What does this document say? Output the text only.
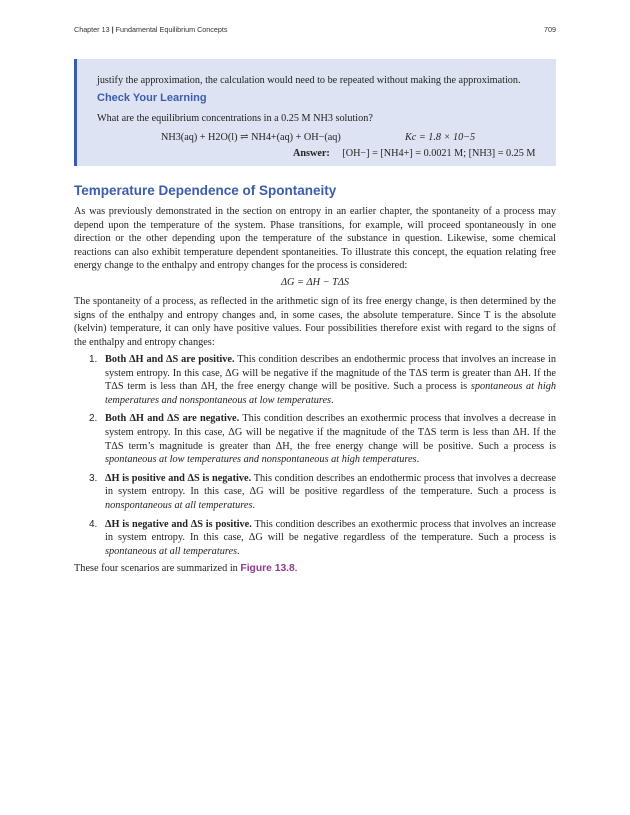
Chapter 13 | Fundamental Equilibrium Concepts	709
justify the approximation, the calculation would need to be repeated without making the approximation.
Check Your Learning
What are the equilibrium concentrations in a 0.25 M NH3 solution?
NH3(aq) + H2O(l) ⇌ NH4+(aq) + OH−(aq)	Kc = 1.8 × 10−5
Answer: [OH−] = [NH4+] = 0.0021 M; [NH3] = 0.25 M
Temperature Dependence of Spontaneity

As was previously demonstrated in the section on entropy in an earlier chapter, the spontaneity of a process may depend upon the temperature of the system. Phase transitions, for example, will proceed spontaneously in one direction or the other depending upon the temperature of the substance in question. Likewise, some chemical reactions can also exhibit temperature dependent spontaneities. To illustrate this concept, the equation relating free energy change to the enthalpy and entropy changes for the process is considered:

ΔG = ΔH − TΔS

The spontaneity of a process, as reflected in the arithmetic sign of its free energy change, is then determined by the signs of the enthalpy and entropy changes and, in some cases, the absolute temperature. Since T is the absolute (kelvin) temperature, it can only have positive values. Four possibilities therefore exist with regard to the signs of the enthalpy and entropy changes:

1. Both ΔH and ΔS are positive. This condition describes an endothermic process that involves an increase in system entropy. In this case, ΔG will be negative if the magnitude of the TΔS term is greater than ΔH. If the TΔS term is less than ΔH, the free energy change will be positive. Such a process is spontaneous at high temperatures and nonspontaneous at low temperatures.
2. Both ΔH and ΔS are negative. This condition describes an exothermic process that involves a decrease in system entropy. In this case, ΔG will be negative if the magnitude of the TΔS term is less than ΔH. If the TΔS term’s magnitude is greater than ΔH, the free energy change will be positive. Such a process is spontaneous at low temperatures and nonspontaneous at high temperatures.
3. ΔH is positive and ΔS is negative. This condition describes an endothermic process that involves a decrease in system entropy. In this case, ΔG will be positive regardless of the temperature. Such a process is nonspontaneous at all temperatures.
4. ΔH is negative and ΔS is positive. This condition describes an exothermic process that involves an increase in system entropy. In this case, ΔG will be negative regardless of the temperature. Such a process is spontaneous at all temperatures.

These four scenarios are summarized in Figure 13.8.
